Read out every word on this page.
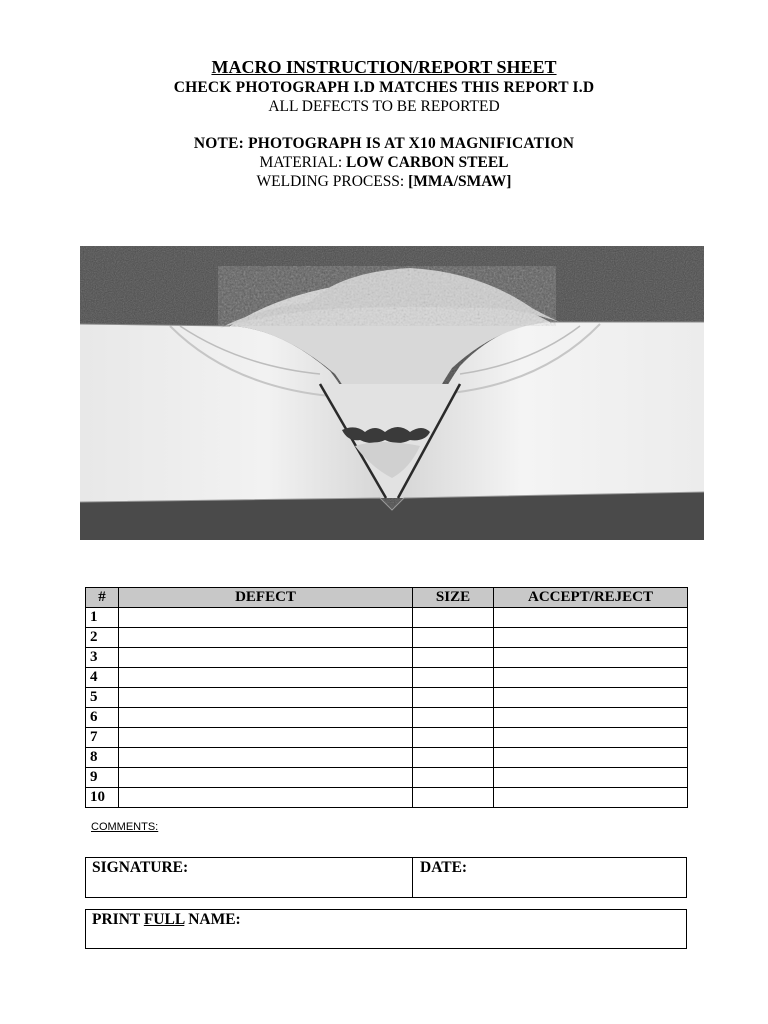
MACRO INSTRUCTION/REPORT SHEET
CHECK PHOTOGRAPH I.D MATCHES THIS REPORT I.D
ALL DEFECTS TO BE REPORTED
NOTE: PHOTOGRAPH IS AT X10 MAGNIFICATION
MATERIAL: LOW CARBON STEEL
WELDING PROCESS: [MMA/SMAW]
#	DEFECT	SIZE	ACCEPT/REJECT
1			
2			
3			
4			
5			
6			
7			
8			
9			
10			
COMMENTS:
SIGNATURE:	DATE:
PRINT FULL NAME:
